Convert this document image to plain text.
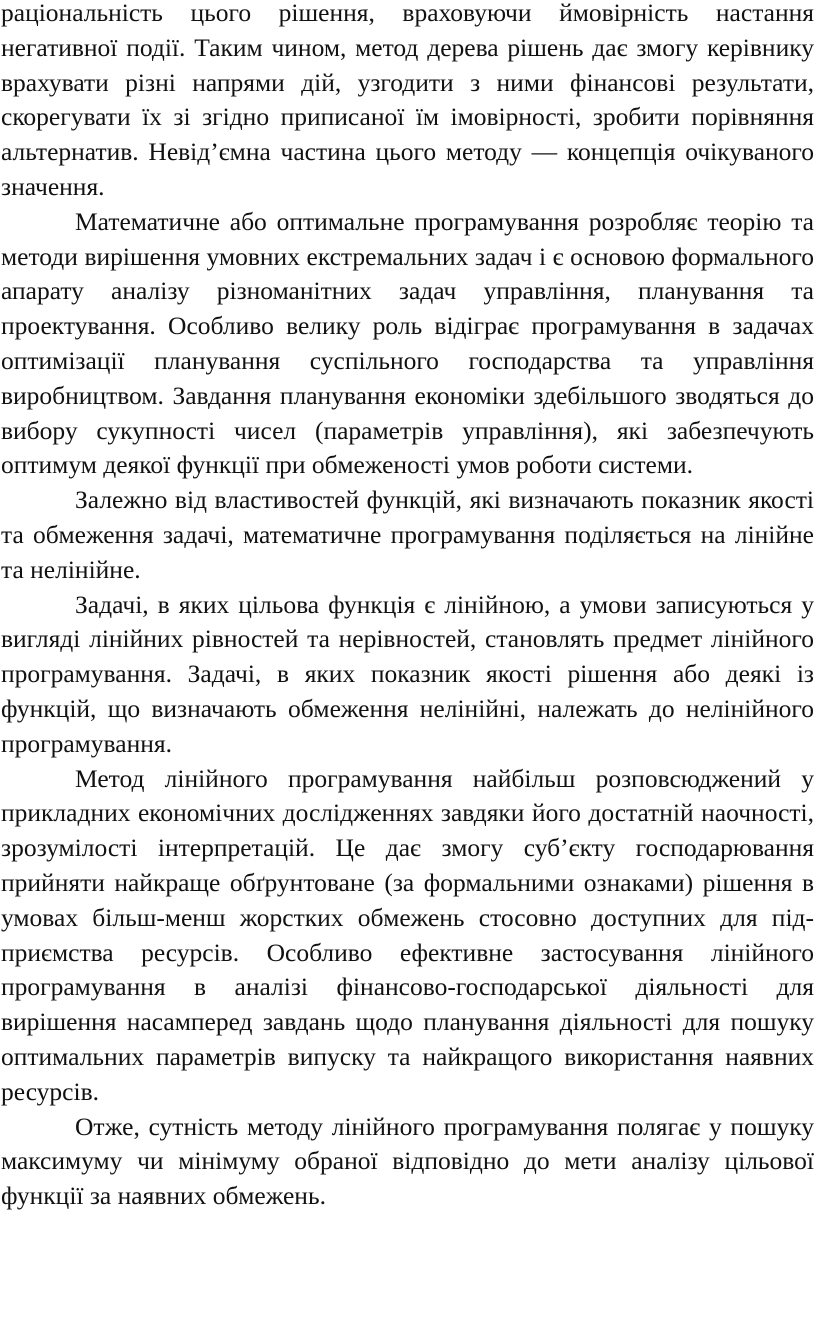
раціональність цього рішення, враховуючи ймовірність настання негативної події. Таким чином, метод дерева рішень дає змогу керівнику врахувати різні напрями дій, узгодити з ними фінансові результати, скорегувати їх зі згідно приписаної їм імовірності, зробити порівняння альтернатив. Невід’ємна частина цього методу — концепція очікуваного значення.

Математичне або оптимальне програмування розробляє теорію та методи вирішення умовних екстремальних задач і є основою формального апарату аналізу різноманітних задач управління, планування та проектування. Особливо велику роль відіграє програмування в задачах оптимізації планування суспільного господарства та управління виробництвом. Завдання планування економіки здебільшого зводяться до вибору сукупності чисел (параметрів управління), які забезпечують оптимум деякої функції при обмеженості умов роботи системи.

Залежно від властивостей функцій, які визначають показник якості та обмеження задачі, математичне програмування поділяється на лінійне та нелінійне.

Задачі, в яких цільова функція є лінійною, а умови записуються у вигляді лінійних рівностей та нерівностей, становлять предмет лінійного програмування. Задачі, в яких показник якості рішення або деякі із функцій, що визначають обмеження нелінійні, належать до нелінійного програмування.

Метод лінійного програмування найбільш розповсюджений у прикладних економічних дослідженнях завдяки його достатній наочності, зрозумілості інтерпретацій. Це дає змогу суб’єкту господарювання прийняти найкраще обґрунтоване (за формальними ознаками) рішення в умовах більш-менш жорстких обмежень стосовно доступних для під-приємства ресурсів. Особливо ефективне застосування лінійного програмування в аналізі фінансово-господарської діяльності для вирішення насамперед завдань щодо планування діяльності для пошуку оптимальних параметрів випуску та найкращого використання наявних ресурсів.

Отже, сутність методу лінійного програмування полягає у пошуку максимуму чи мінімуму обраної відповідно до мети аналізу цільової функції за наявних обмежень.
